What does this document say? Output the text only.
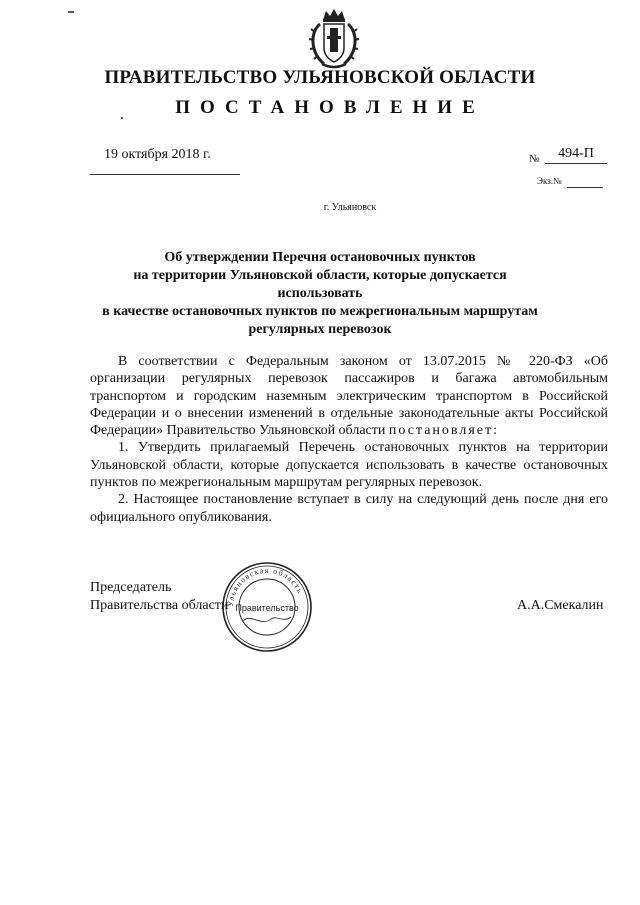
ПРАВИТЕЛЬСТВО УЛЬЯНОВСКОЙ ОБЛАСТИ
ПОСТАНОВЛЕНИЕ
19 октября 2018 г.	№	494-П
Экз.№
г. Ульяновск
Об утверждении Перечня остановочных пунктов
на территории Ульяновской области, которые допускается использовать
в качестве остановочных пунктов по межрегиональным маршрутам
регулярных перевозок
В соответствии с Федеральным законом от 13.07.2015 № 220-ФЗ «Об организации регулярных перевозок пассажиров и багажа автомобильным транспортом и городским наземным электрическим транспортом в Российской Федерации и о внесении изменений в отдельные законодательные акты Российской Федерации» Правительство Ульяновской области постановляет:
1. Утвердить прилагаемый Перечень остановочных пунктов на территории Ульяновской области, которые допускается использовать в качестве остановочных пунктов по межрегиональным маршрутам регулярных перевозок.
2. Настоящее постановление вступает в силу на следующий день после дня его официального опубликования.
Председатель
Правительства области	А.А.Смекалин
Ульяновская область
Правительство
